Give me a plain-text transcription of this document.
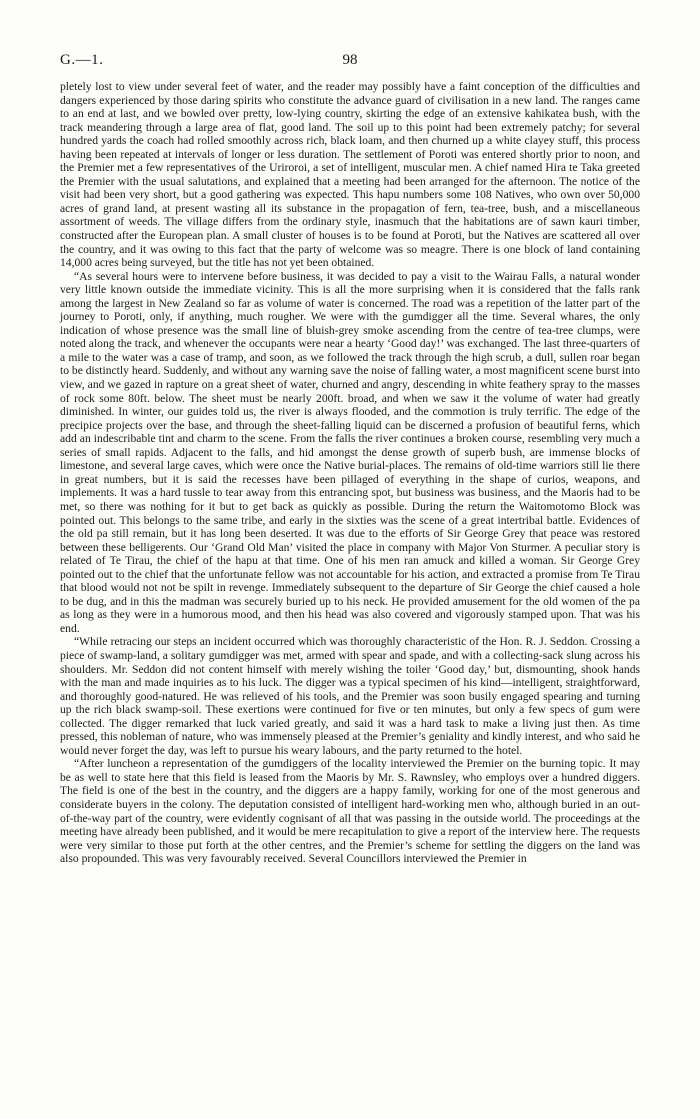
G.—1.	98

pletely lost to view under several feet of water, and the reader may possibly have a faint conception of the difficulties and dangers experienced by those daring spirits who constitute the advance guard of civilisation in a new land. The ranges came to an end at last, and we bowled over pretty, low-lying country, skirting the edge of an extensive kahikatea bush, with the track meandering through a large area of flat, good land. The soil up to this point had been extremely patchy; for several hundred yards the coach had rolled smoothly across rich, black loam, and then churned up a white clayey stuff, this process having been repeated at intervals of longer or less duration. The settlement of Poroti was entered shortly prior to noon, and the Premier met a few representatives of the Uriroroi, a set of intelligent, muscular men. A chief named Hira te Taka greeted the Premier with the usual salutations, and explained that a meeting had been arranged for the afternoon. The notice of the visit had been very short, but a good gathering was expected. This hapu numbers some 108 Natives, who own over 50,000 acres of grand land, at present wasting all its substance in the propagation of fern, tea-tree, bush, and a miscellaneous assortment of weeds. The village differs from the ordinary style, inasmuch that the habitations are of sawn kauri timber, constructed after the European plan. A small cluster of houses is to be found at Poroti, but the Natives are scattered all over the country, and it was owing to this fact that the party of welcome was so meagre. There is one block of land containing 14,000 acres being surveyed, but the title has not yet been obtained.

“As several hours were to intervene before business, it was decided to pay a visit to the Wairau Falls, a natural wonder very little known outside the immediate vicinity. This is all the more surprising when it is considered that the falls rank among the largest in New Zealand so far as volume of water is concerned. The road was a repetition of the latter part of the journey to Poroti, only, if anything, much rougher. We were with the gumdigger all the time. Several whares, the only indication of whose presence was the small line of bluish-grey smoke ascending from the centre of tea-tree clumps, were noted along the track, and whenever the occupants were near a hearty ‘Good day!’ was exchanged. The last three-quarters of a mile to the water was a case of tramp, and soon, as we followed the track through the high scrub, a dull, sullen roar began to be distinctly heard. Suddenly, and without any warning save the noise of falling water, a most magnificent scene burst into view, and we gazed in rapture on a great sheet of water, churned and angry, descending in white feathery spray to the masses of rock some 80ft. below. The sheet must be nearly 200ft. broad, and when we saw it the volume of water had greatly diminished. In winter, our guides told us, the river is always flooded, and the commotion is truly terrific. The edge of the precipice projects over the base, and through the sheet-falling liquid can be discerned a profusion of beautiful ferns, which add an indescribable tint and charm to the scene. From the falls the river continues a broken course, resembling very much a series of small rapids. Adjacent to the falls, and hid amongst the dense growth of superb bush, are immense blocks of limestone, and several large caves, which were once the Native burial-places. The remains of old-time warriors still lie there in great numbers, but it is said the recesses have been pillaged of everything in the shape of curios, weapons, and implements. It was a hard tussle to tear away from this entrancing spot, but business was business, and the Maoris had to be met, so there was nothing for it but to get back as quickly as possible. During the return the Waitomotomo Block was pointed out. This belongs to the same tribe, and early in the sixties was the scene of a great intertribal battle. Evidences of the old pa still remain, but it has long been deserted. It was due to the efforts of Sir George Grey that peace was restored between these belligerents. Our ‘Grand Old Man’ visited the place in company with Major Von Sturmer. A peculiar story is related of Te Tirau, the chief of the hapu at that time. One of his men ran amuck and killed a woman. Sir George Grey pointed out to the chief that the unfortunate fellow was not accountable for his action, and extracted a promise from Te Tirau that blood would not not be spilt in revenge. Immediately subsequent to the departure of Sir George the chief caused a hole to be dug, and in this the madman was securely buried up to his neck. He provided amusement for the old women of the pa as long as they were in a humorous mood, and then his head was also covered and vigorously stamped upon. That was his end.

“While retracing our steps an incident occurred which was thoroughly characteristic of the Hon. R. J. Seddon. Crossing a piece of swamp-land, a solitary gumdigger was met, armed with spear and spade, and with a collecting-sack slung across his shoulders. Mr. Seddon did not content himself with merely wishing the toiler ‘Good day,’ but, dismounting, shook hands with the man and made inquiries as to his luck. The digger was a typical specimen of his kind—intelligent, straightforward, and thoroughly good-natured. He was relieved of his tools, and the Premier was soon busily engaged spearing and turning up the rich black swamp-soil. These exertions were continued for five or ten minutes, but only a few specs of gum were collected. The digger remarked that luck varied greatly, and said it was a hard task to make a living just then. As time pressed, this nobleman of nature, who was immensely pleased at the Premier’s geniality and kindly interest, and who said he would never forget the day, was left to pursue his weary labours, and the party returned to the hotel.

“After luncheon a representation of the gumdiggers of the locality interviewed the Premier on the burning topic. It may be as well to state here that this field is leased from the Maoris by Mr. S. Rawnsley, who employs over a hundred diggers. The field is one of the best in the country, and the diggers are a happy family, working for one of the most generous and considerate buyers in the colony. The deputation consisted of intelligent hard-working men who, although buried in an out-of-the-way part of the country, were evidently cognisant of all that was passing in the outside world. The proceedings at the meeting have already been published, and it would be mere recapitulation to give a report of the interview here. The requests were very similar to those put forth at the other centres, and the Premier’s scheme for settling the diggers on the land was also propounded. This was very favourably received. Several Councillors interviewed the Premier in
